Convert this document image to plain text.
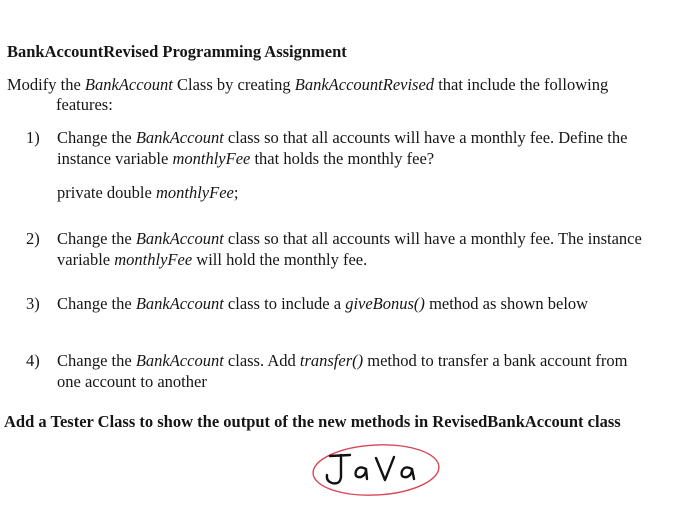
BankAccountRevised Programming Assignment
Modify the BankAccount Class by creating BankAccountRevised that include the following
features:
1) Change the BankAccount class so that all accounts will have a monthly fee. Define the
instance variable monthlyFee that holds the monthly fee?
private double monthlyFee;
2) Change the BankAccount class so that all accounts will have a monthly fee. The instance
variable monthlyFee will hold the monthly fee.
3) Change the BankAccount class to include a giveBonus() method as shown below
4) Change the BankAccount class. Add transfer() method to transfer a bank account from
one account to another
Add a Tester Class to show the output of the new methods in RevisedBankAccount class
